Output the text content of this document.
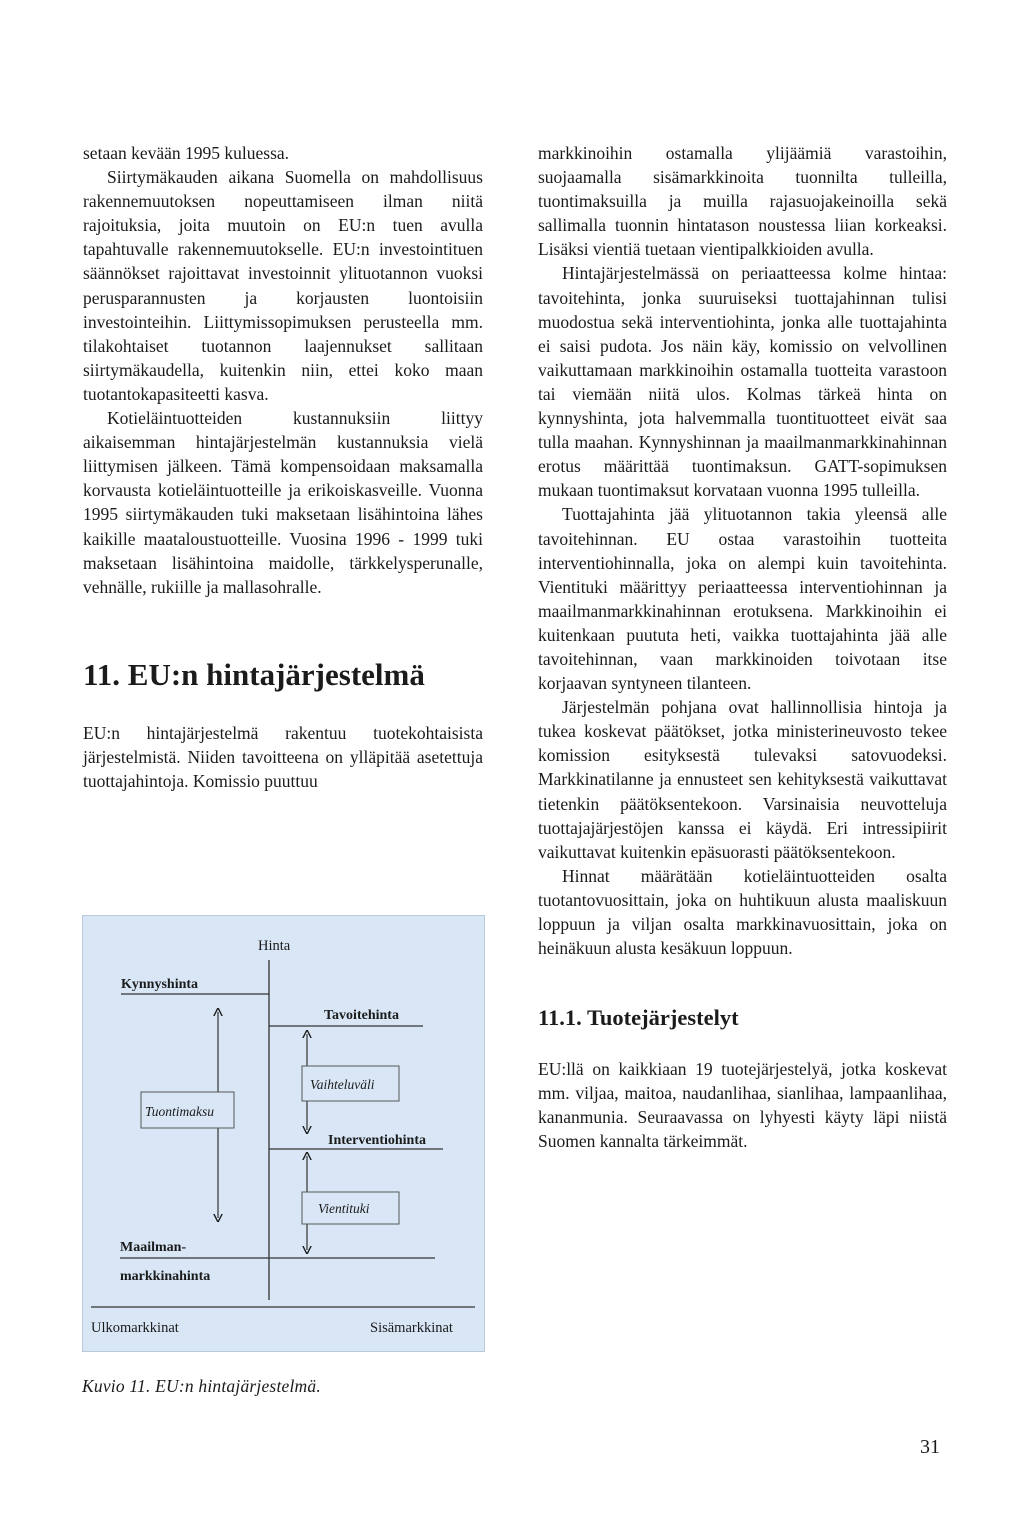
setaan kevään 1995 kuluessa.

Siirtymäkauden aikana Suomella on mahdollisuus rakennemuutoksen nopeuttamiseen ilman niitä rajoituksia, joita muutoin on EU:n tuen avulla tapahtuvalle rakennemuutokselle. EU:n investointituen säännökset rajoittavat investoinnit ylituotannon vuoksi perusparannusten ja korjausten luontoisiin investointeihin. Liittymissopimuksen perusteella mm. tilakohtaiset tuotannon laajennukset sallitaan siirtymäkaudella, kuitenkin niin, ettei koko maan tuotantokapasiteetti kasva.

Kotieläintuotteiden kustannuksiin liittyy aikaisemman hintajärjestelmän kustannuksia vielä liittymisen jälkeen. Tämä kompensoidaan maksamalla korvausta kotieläintuotteille ja erikoiskasveille. Vuonna 1995 siirtymäkauden tuki maksetaan lisähintoina lähes kaikille maataloustuotteille. Vuosina 1996 - 1999 tuki maksetaan lisähintoina maidolle, tärkkelysperunalle, vehnälle, rukiille ja mallasohralle.

11. EU:n hintajärjestelmä

EU:n hintajärjestelmä rakentuu tuotekohtaisista järjestelmistä. Niiden tavoitteena on ylläpitää asetettuja tuottajahintoja. Komissio puuttuu

Hinta
Kynnyshinta
Tavoitehinta
Tuontimaksu
Vaihteluväli
Interventiohinta
Vientituki
Maailman-
markkinahinta
Ulkomarkkinat	Sisämarkkinat
Kuvio 11. EU:n hintajärjestelmä.

markkinoihin ostamalla ylijäämiä varastoihin, suojaamalla sisämarkkinoita tuonnilta tulleilla, tuontimaksuilla ja muilla rajasuojakeinoilla sekä sallimalla tuonnin hintatason noustessa liian korkeaksi. Lisäksi vientiä tuetaan vientipalkkioiden avulla.

Hintajärjestelmässä on periaatteessa kolme hintaa: tavoitehinta, jonka suuruiseksi tuottajahinnan tulisi muodostua sekä interventiohinta, jonka alle tuottajahinta ei saisi pudota. Jos näin käy, komissio on velvollinen vaikuttamaan markkinoihin ostamalla tuotteita varastoon tai viemään niitä ulos. Kolmas tärkeä hinta on kynnyshinta, jota halvemmalla tuontituotteet eivät saa tulla maahan. Kynnyshinnan ja maailmanmarkkinahinnan erotus määrittää tuontimaksun. GATT-sopimuksen mukaan tuontimaksut korvataan vuonna 1995 tulleilla.

Tuottajahinta jää ylituotannon takia yleensä alle tavoitehinnan. EU ostaa varastoihin tuotteita interventiohinnalla, joka on alempi kuin tavoitehinta. Vientituki määrittyy periaatteessa interventiohinnan ja maailmanmarkkinahinnan erotuksena. Markkinoihin ei kuitenkaan puututa heti, vaikka tuottajahinta jää alle tavoitehinnan, vaan markkinoiden toivotaan itse korjaavan syntyneen tilanteen.

Järjestelmän pohjana ovat hallinnollisia hintoja ja tukea koskevat päätökset, jotka ministerineuvosto tekee komission esityksestä tulevaksi satovuodeksi. Markkinatilanne ja ennusteet sen kehityksestä vaikuttavat tietenkin päätöksentekoon. Varsinaisia neuvotteluja tuottajajärjestöjen kanssa ei käydä. Eri intressipiirit vaikuttavat kuitenkin epäsuorasti päätöksentekoon.

Hinnat määrätään kotieläintuotteiden osalta tuotantovuosittain, joka on huhtikuun alusta maaliskuun loppuun ja viljan osalta markkinavuosittain, joka on heinäkuun alusta kesäkuun loppuun.

11.1. Tuotejärjestelyt

EU:llä on kaikkiaan 19 tuotejärjestelyä, jotka koskevat mm. viljaa, maitoa, naudanlihaa, sianlihaa, lampaanlihaa, kananmunia. Seuraavassa on lyhyesti käyty läpi niistä Suomen kannalta tärkeimmät.

31
